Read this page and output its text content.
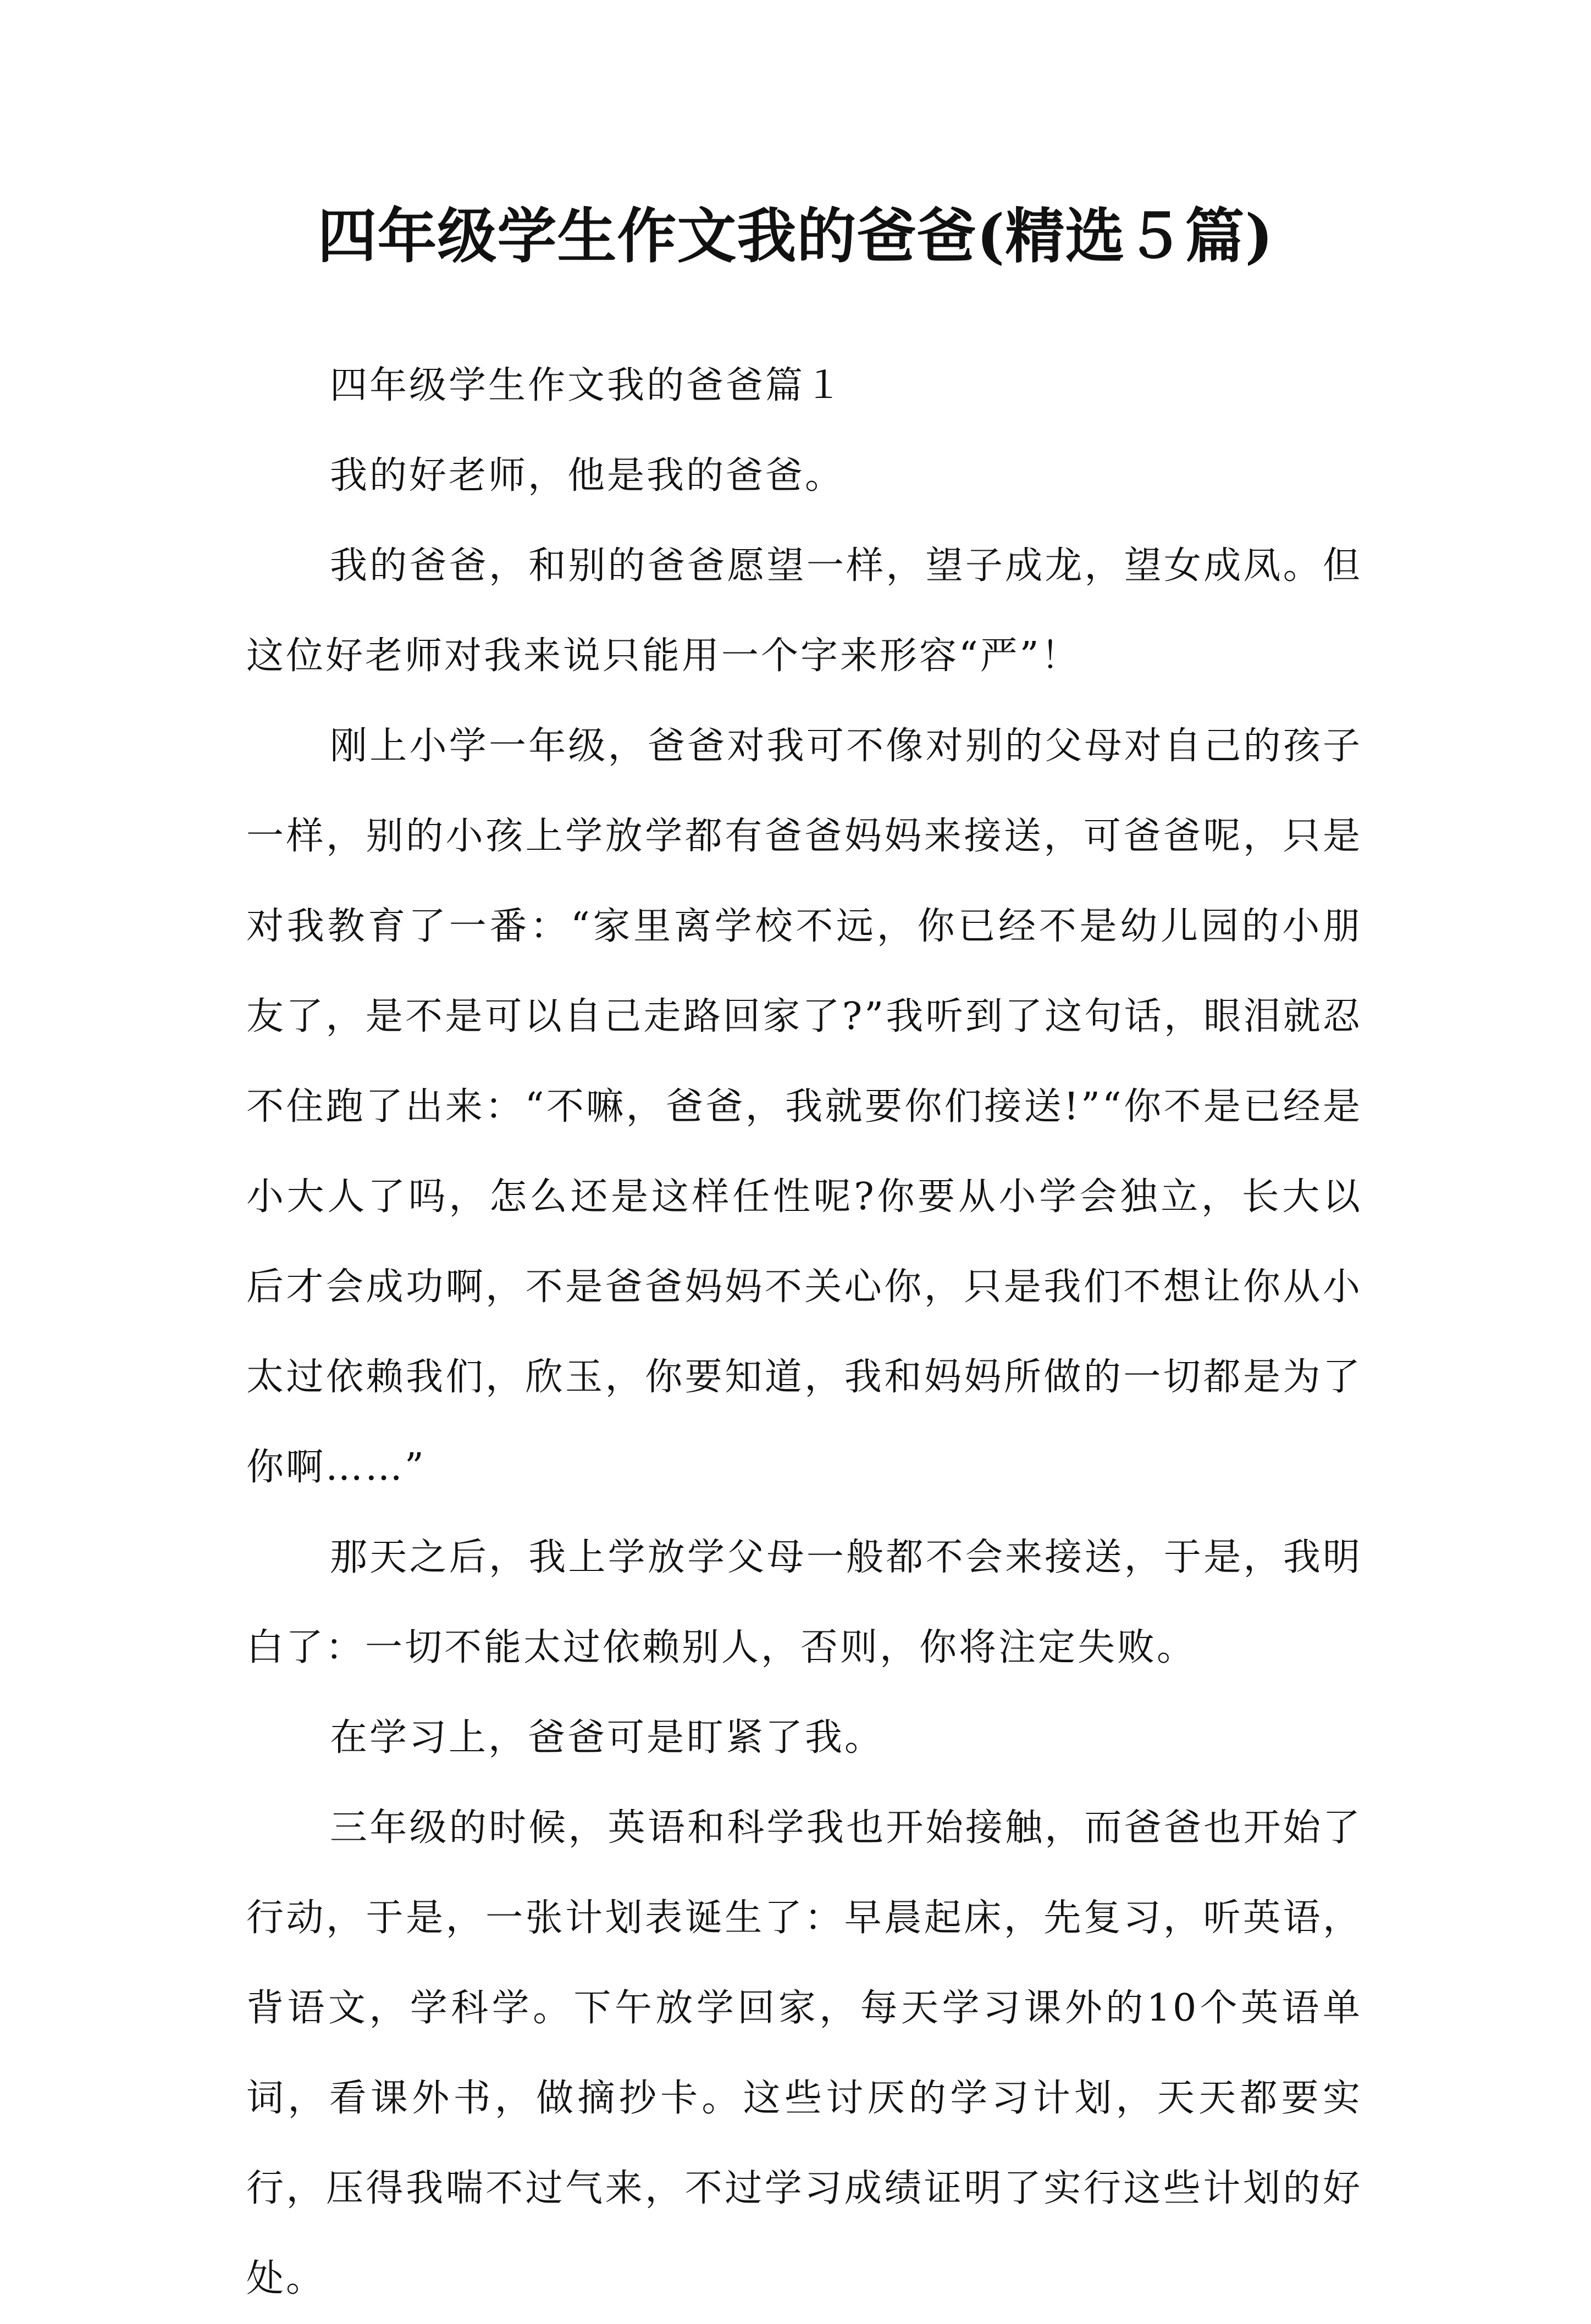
四年级学生作文我的爸爸(精选５篇)

四年级学生作文我的爸爸篇１

我的好老师，他是我的爸爸。

我的爸爸，和别的爸爸愿望一样，望子成龙，望女成凤。但这位好老师对我来说只能用一个字来形容“严”！

刚上小学一年级，爸爸对我可不像对别的父母对自己的孩子一样，别的小孩上学放学都有爸爸妈妈来接送，可爸爸呢，只是对我教育了一番：“家里离学校不远，你已经不是幼儿园的小朋友了，是不是可以自己走路回家了?”我听到了这句话，眼泪就忍不住跑了出来：“不嘛，爸爸，我就要你们接送!”“你不是已经是小大人了吗，怎么还是这样任性呢?你要从小学会独立，长大以后才会成功啊，不是爸爸妈妈不关心你，只是我们不想让你从小太过依赖我们，欣玉，你要知道，我和妈妈所做的一切都是为了你啊……”

那天之后，我上学放学父母一般都不会来接送，于是，我明白了：一切不能太过依赖别人，否则，你将注定失败。

在学习上，爸爸可是盯紧了我。

三年级的时候，英语和科学我也开始接触，而爸爸也开始了行动，于是，一张计划表诞生了：早晨起床，先复习，听英语，背语文，学科学。下午放学回家，每天学习课外的10个英语单词，看课外书，做摘抄卡。这些讨厌的学习计划，天天都要实行，压得我喘不过气来，不过学习成绩证明了实行这些计划的好处。
